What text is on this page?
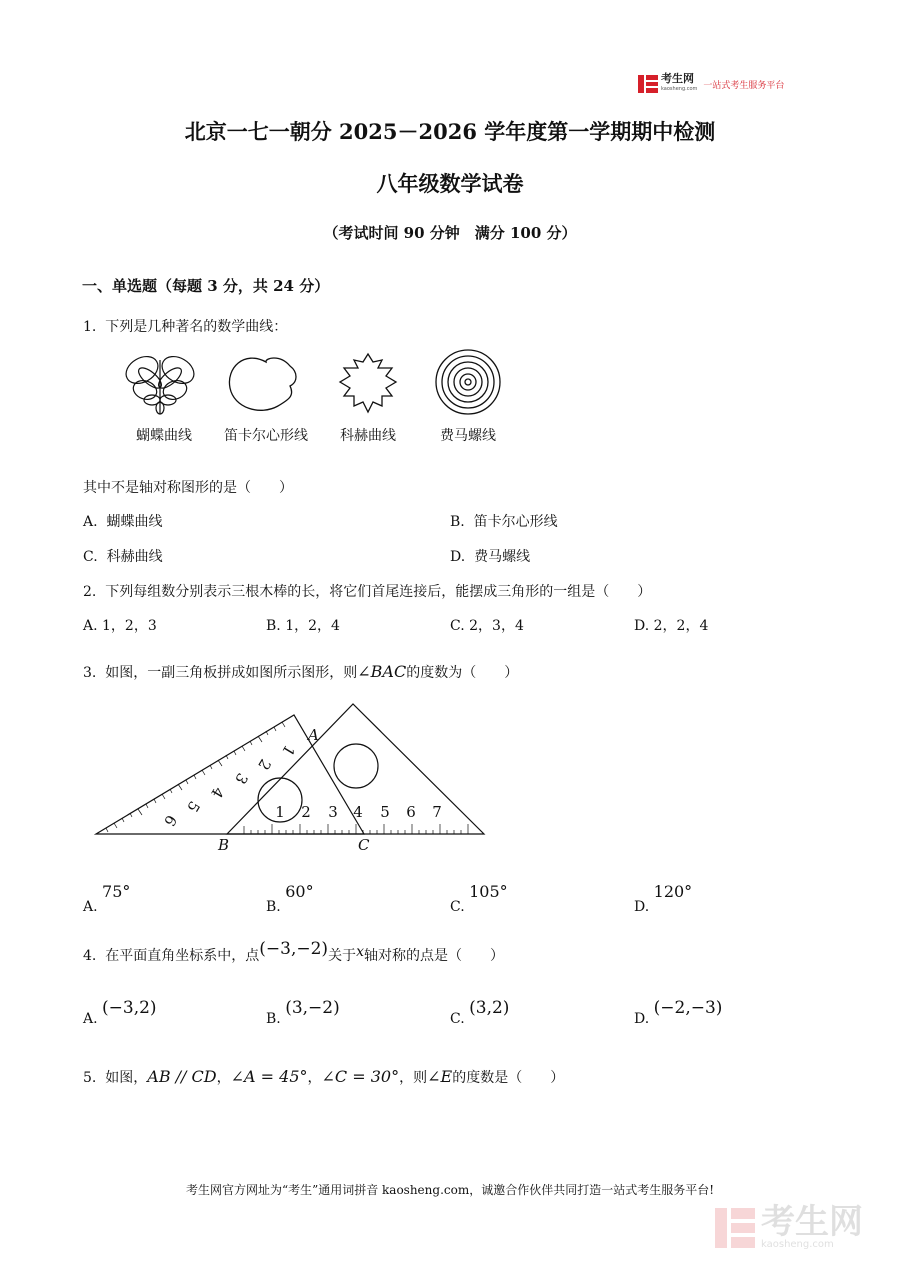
考生网
kaosheng.com 一站式考生服务平台
北京一七一朝分 2025－2026 学年度第一学期期中检测
八年级数学试卷
（考试时间 90 分钟　满分 100 分）
一、单选题（每题 3 分，共 24 分）
1. 下列是几种著名的数学曲线：
蝴蝶曲线	笛卡尔心形线	科赫曲线	费马螺线
其中不是轴对称图形的是（　　）
A. 蝴蝶曲线	B. 笛卡尔心形线
C. 科赫曲线	D. 费马螺线
2. 下列每组数分别表示三根木棒的长，将它们首尾连接后，能摆成三角形的一组是（　　）
A. 1，2，3	B. 1，2，4	C. 2，3，4	D. 2，2，4
3. 如图，一副三角板拼成如图所示图形，则∠BAC的度数为（　　）
1
2
3
4
5
6	1 2 3 4 5 6 7
A
B	C
A. 75°
B. 60°
C. 105°
D. 120°
4. 在平面直角坐标系中，点(−3,−2)关于x轴对称的点是（　　）
A. (−3,2)
B. (3,−2)
C. (3,2)
D. (−2,−3)
5. 如图，AB // CD，∠A = 45°，∠C = 30°，则∠E的度数是（　　）
考生网官方网址为“考生”通用词拼音 kaosheng.com，诚邀合作伙伴共同打造一站式考生服务平台!
考生网
kaosheng.com
